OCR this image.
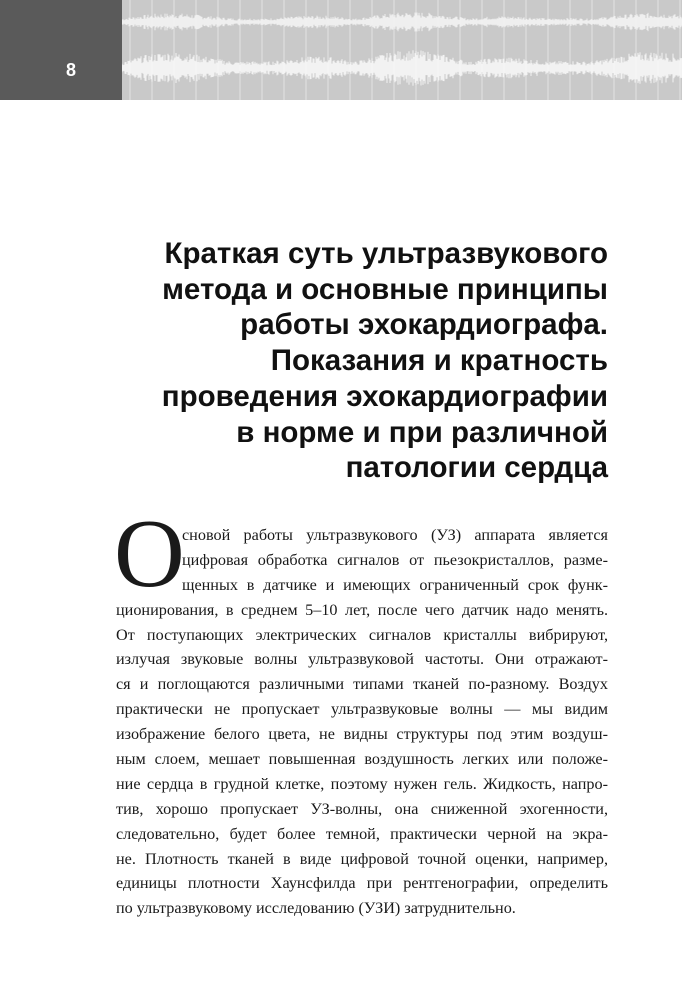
8
Краткая суть ультразвукового
метода и основные принципы
работы эхокардиографа.
Показания и кратность
проведения эхокардиографии
в норме и при различной
патологии сердца
О
сновой работы ультразвукового (УЗ) аппарата является
цифровая обработка сигналов от пьезокристаллов, разме-
щенных в датчике и имеющих ограниченный срок функ-
ционирования, в среднем 5–10 лет, после чего датчик надо менять.
От поступающих электрических сигналов кристаллы вибрируют,
излучая звуковые волны ультразвуковой частоты. Они отражают-
ся и поглощаются различными типами тканей по-разному. Воздух
практически не пропускает ультразвуковые волны — мы видим
изображение белого цвета, не видны структуры под этим воздуш-
ным слоем, мешает повышенная воздушность легких или положе-
ние сердца в грудной клетке, поэтому нужен гель. Жидкость, напро-
тив, хорошо пропускает УЗ-волны, она сниженной эхогенности,
следовательно, будет более темной, практически черной на экра-
не. Плотность тканей в виде цифровой точной оценки, например,
единицы плотности Хаунсфилда при рентгенографии, определить
по ультразвуковому исследованию (УЗИ) затруднительно.
